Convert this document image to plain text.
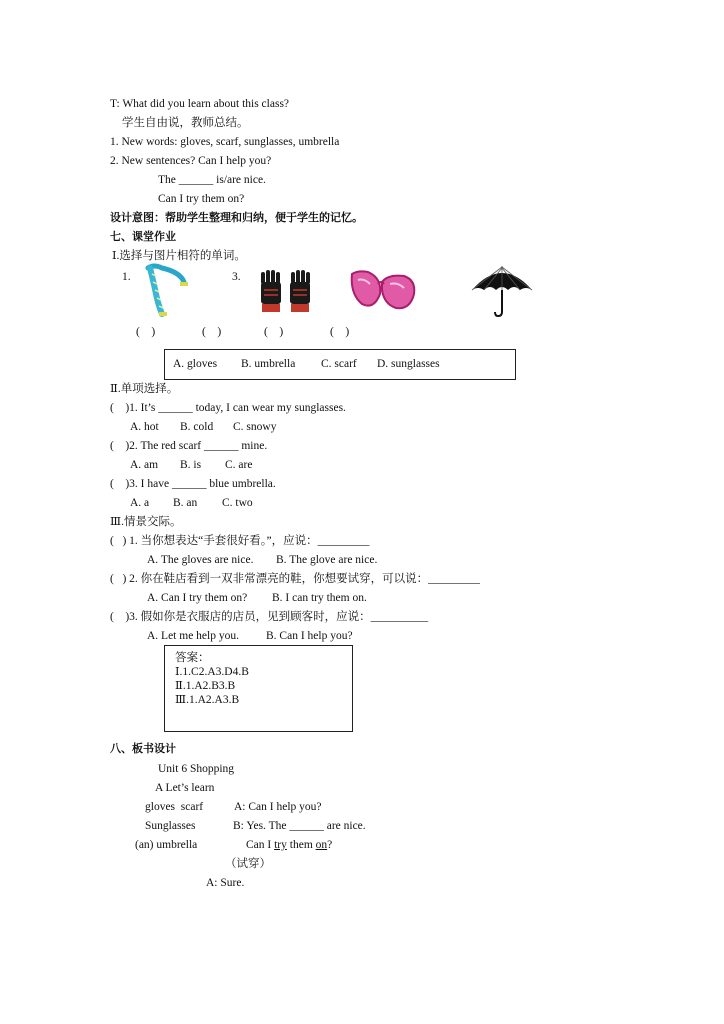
T: What did you learn about this class?
学生自由说，教师总结。
1. New words: gloves, scarf, sunglasses, umbrella
2. New sentences? Can I help you?
The ______ is/are nice.
Can I try them on?
设计意图：帮助学生整理和归纳，便于学生的记忆。
七、课堂作业
Ⅰ.选择与图片相符的单词。
1.	3.
(    )	(    )	(    )	(    )
A. gloves B. umbrella C. scarf D. sunglasses
Ⅱ.单项选择。
(    )1. It’s ______ today, I can wear my sunglasses.
A. hot B. cold C. snowy
(    )2. The red scarf ______ mine.
A. am B. is C. are
(    )3. I have ______ blue umbrella.
A. a B. an C. two
Ⅲ.情景交际。
(   ) 1. 当你想表达“手套很好看。”，应说：_________
A. The gloves are nice. B. The glove are nice.
(   ) 2. 你在鞋店看到一双非常漂亮的鞋，你想要试穿，可以说：_________
A. Can I try them on? B. I can try them on.
(    )3. 假如你是衣服店的店员，见到顾客时，应说：__________
A. Let me help you. B. Can I help you?
答案：
Ⅰ.1.C2.A3.D4.B
Ⅱ.1.A2.B3.B
Ⅲ.1.A2.A3.B
八、板书设计
Unit 6 Shopping
A Let’s learn
gloves  scarf	A: Can I help you?
Sunglasses	B: Yes. The ______ are nice.
(an) umbrella	Can I try them on?
（试穿）
A: Sure.
